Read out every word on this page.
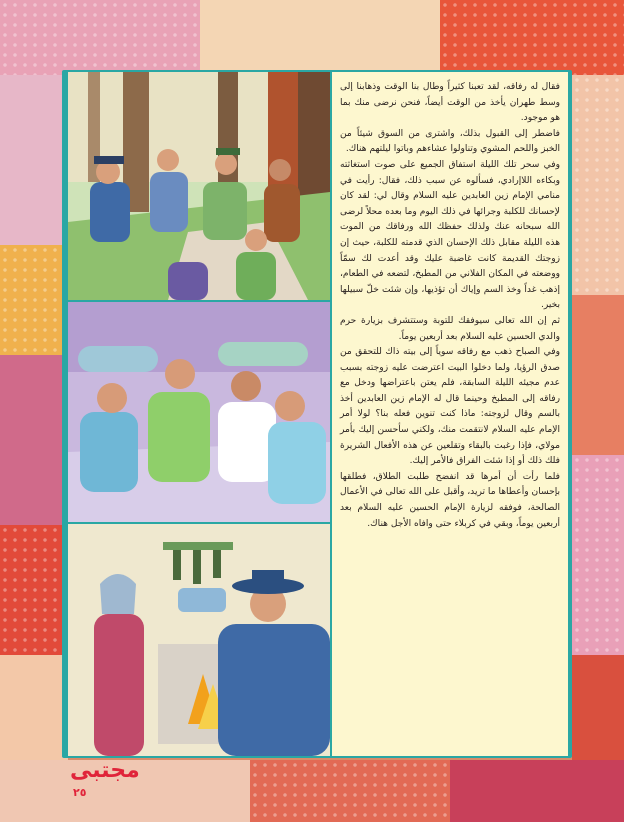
فقال له رفاقه، لقد تعبنا كثيراً وطال بنا الوقت وذهابنا إلى وسط طهران يأخذ من الوقت أيضاً، فنحن نرضى منك بما هو موجود.

فاضطر إلى القبول بذلك، واشترى من السوق شيئاً من الخبز واللحم المشوي وتناولوا عشاءهم وباتوا ليلتهم هناك.

وفي سحر تلك الليلة استفاق الجميع على صوت استغاثته وبكاءه اللاإرادي، فسألوه عن سبب ذلك، فقال: رأيت في منامي الإمام زين العابدين عليه السلام وقال لي: لقد كان لإحسانك للكلبة وجرائها في ذلك اليوم وما بعده محلاً لرضى الله سبحانه عنك ولذلك حفظك الله ورفاقك من الموت هذه الليلة مقابل ذلك الإحسان الذي قدمته للكلبة، حيث إن زوجتك القديمة كانت غاضبة عليك وقد أعدت لك سمّاً ووضعته في المكان الفلاني من المطبخ، لتضعه في الطعام، إذهب غداً وخذ السم وإياك أن تؤذيها، وإن شئت خلّ سبيلها بخير.

ثم إن الله تعالى سيوفقك للتوبة وستتشرف بزيارة حرم والدي الحسين عليه السلام بعد أربعين يوماً.

وفي الصباح ذهب مع رفاقه سوياً إلى بيته ذاك للتحقق من صدق الرؤيا، ولما دخلوا البيت اعترضت عليه زوجته بسبب عدم مجيئه الليلة السابقة، فلم يعتن باعتراضها ودخل مع رفاقه إلى المطبخ وحينما قال له الإمام زين العابدين أخذ بالسم وقال لزوجته: ماذا كنت تنوين فعله بنا؟ لولا أمر الإمام عليه السلام لانتقمت منك، ولكني سأحسن إليك بأمر مولاي، فإذا رغبت بالبقاء وتقلعين عن هذه الأفعال الشريرة فلك ذلك أو إذا شئت الفراق فالأمر إليك.

فلما رأت أن أمرها قد انفضح طلبت الطلاق، فطلقها بإحسان وأعطاها ما تريد، وأقبل على الله تعالى في الأعمال الصالحة، فوفقه لزيارة الإمام الحسين عليه السلام بعد أربعين يوماً، وبقي في كربلاء حتى وافاه الأجل هناك.

مجتبى
٢٥
